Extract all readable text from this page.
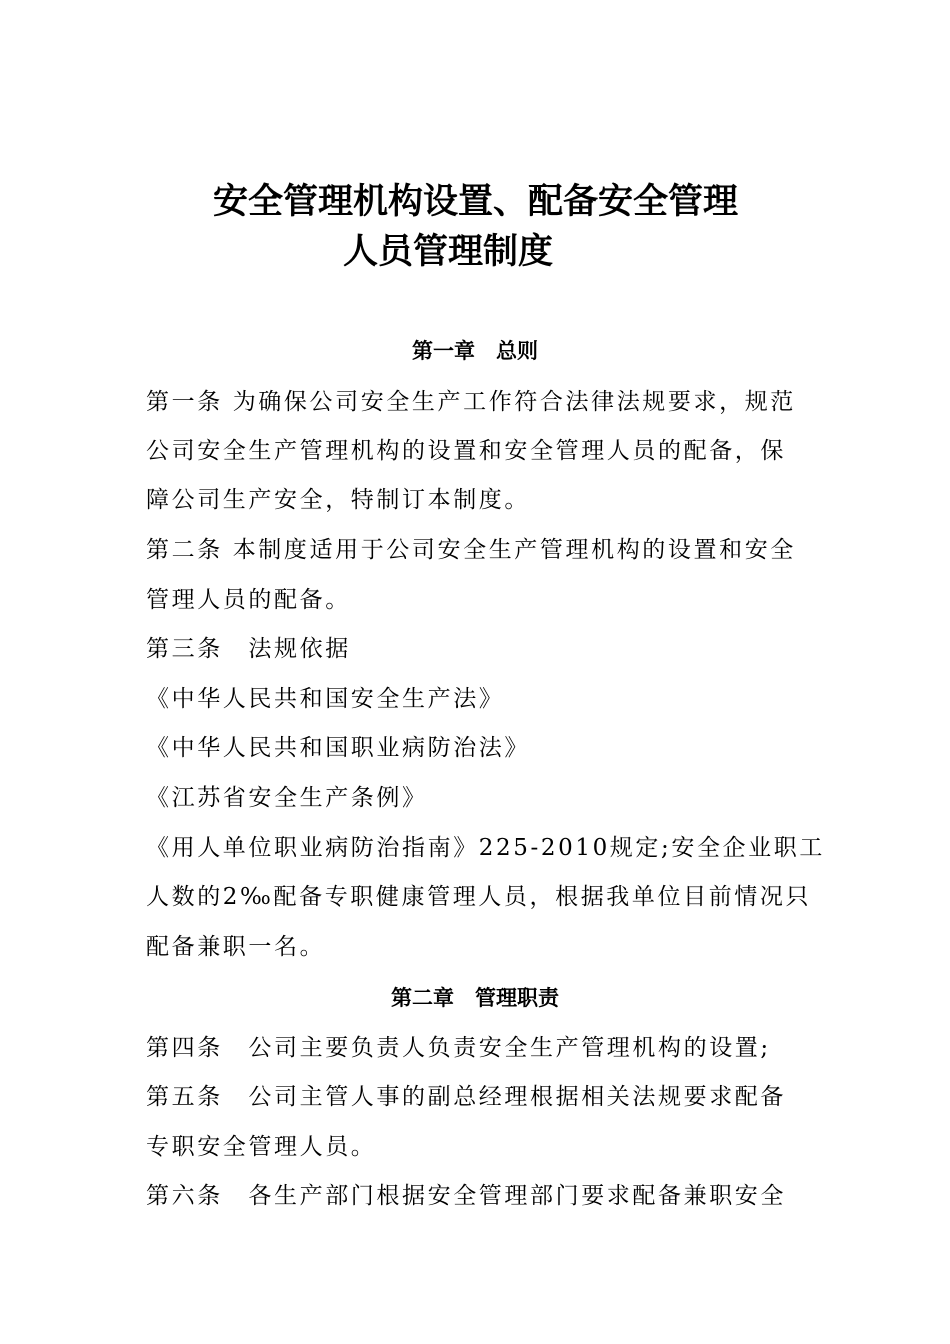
安全管理机构设置、配备安全管理
人员管理制度
第一章　总则
第一条 为确保公司安全生产工作符合法律法规要求，规范
公司安全生产管理机构的设置和安全管理人员的配备，保
障公司生产安全，特制订本制度。
第二条 本制度适用于公司安全生产管理机构的设置和安全
管理人员的配备。
第三条　法规依据
《中华人民共和国安全生产法》
《中华人民共和国职业病防治法》
《江苏省安全生产条例》
《用人单位职业病防治指南》225-2010规定;安全企业职工
人数的2‰配备专职健康管理人员，根据我单位目前情况只
配备兼职一名。
第二章　管理职责
第四条　公司主要负责人负责安全生产管理机构的设置;
第五条　公司主管人事的副总经理根据相关法规要求配备
专职安全管理人员。
第六条　各生产部门根据安全管理部门要求配备兼职安全
